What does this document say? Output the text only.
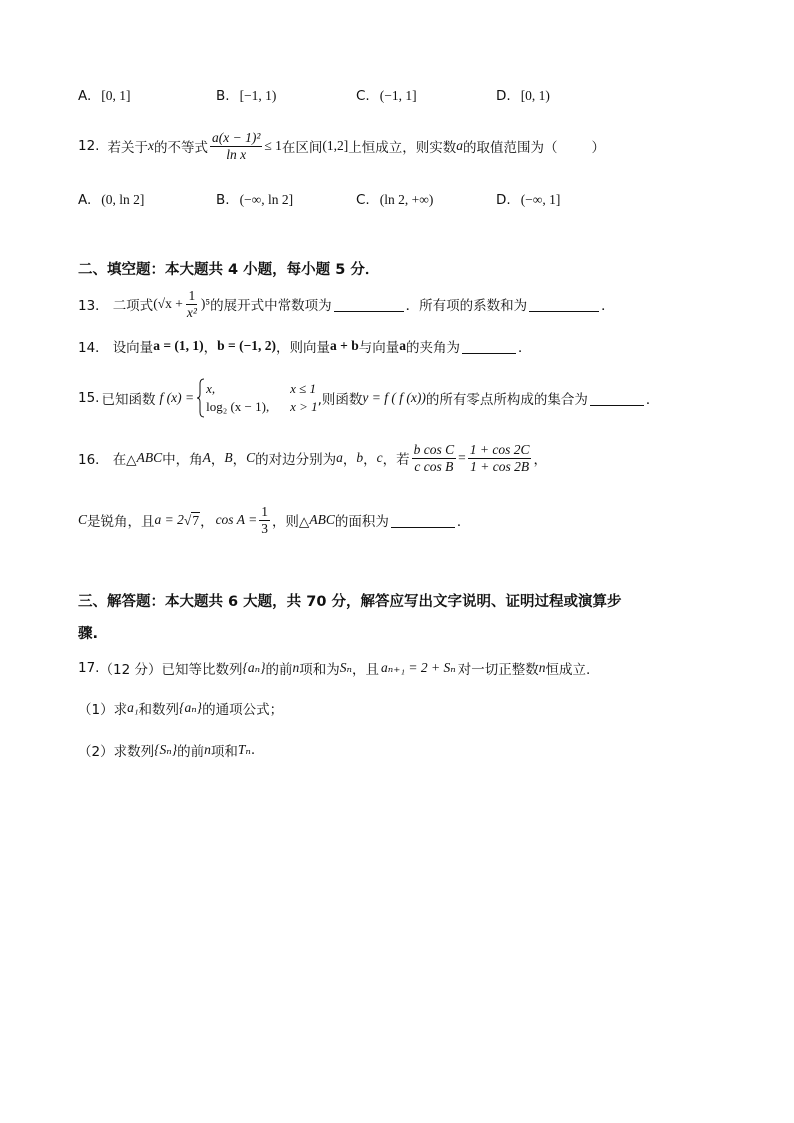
A. [0, 1]	B. [−1, 1)	C. (−1, 1]	D. [0, 1)
12. 若关于 x 的不等式 $\frac{\text{a(x − 1)²}}{\text{ln x}} \le 1$ 在区间 (1,2] 上恒成立，则实数 a 的取值范围为（	）
A. (0, ln 2]	B. (−∞, ln 2]	C. (ln 2, +∞)	D. (−∞, 1]
二、填空题：本大题共 4 小题，每小题 5 分．
13． 二项式 $(√x + \frac{1}{\text{x²}} )^5$ 的展开式中常数项为	．所有项的系数和为	．
14． 设向量 a = (1, 1) ， b = (−1, 2) ，则向量 a + b 与向量 a 的夹角为	．
15. 已知函数 f (x) =
x,	x ≤ 1
log₂ (x − 1),	x > 1 ,则函数 y = f ( f (x)) 的所有零点所构成的集合为	．
16． 在△ ABC 中，角 A ， B ， C 的对边分别为 a ， b ， c ，若 $\frac{\text{b cos C}}{\text{c cos B}} = \frac{1 + \cos 2C}{1 + \cos 2B}$ ，
C 是锐角，且 a = 2 √ 7 ， $\cos A = \frac{1}{3}$ ，则△ ABC 的面积为	．
三、解答题：本大题共 6 大题，共 70 分，解答应写出文字说明、证明过程或演算步
骤.
17. （12 分） 已知等比数列 {aₙ} 的前 n 项和为 Sₙ ，且 aₙ₊₁ = 2 + Sₙ 对一切正整数 n 恒成立.
（1） 求 a₁ 和数列 {aₙ} 的通项公式；
（2） 求数列 {Sₙ} 的前 n 项和 Tₙ .
